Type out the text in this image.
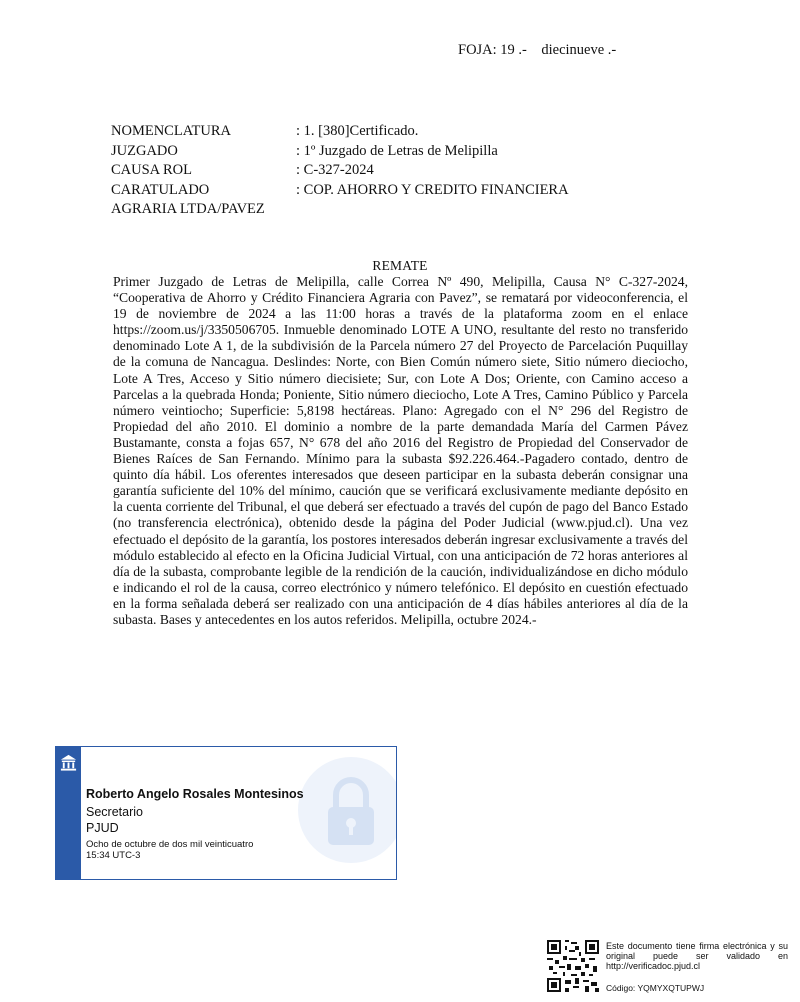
FOJA: 19 .-    diecinueve .-
NOMENCLATURA	: 1. [380]Certificado.
JUZGADO	: 1º Juzgado de Letras de Melipilla
CAUSA ROL	: C-327-2024
CARATULADO	: COP. AHORRO Y CREDITO FINANCIERA
AGRARIA LTDA/PAVEZ
REMATE
Primer Juzgado de Letras de Melipilla, calle Correa Nº 490, Melipilla, Causa N° C-327-2024, “Cooperativa de Ahorro y Crédito Financiera Agraria con Pavez”, se rematará por videoconferencia, el 19 de noviembre de 2024 a las 11:00 horas a través de la plataforma zoom en el enlace https://zoom.us/j/3350506705. Inmueble denominado LOTE A UNO, resultante del resto no transferido denominado Lote A 1, de la subdivisión de la Parcela número 27 del Proyecto de Parcelación Puquillay de la comuna de Nancagua. Deslindes: Norte, con Bien Común número siete, Sitio número dieciocho, Lote A Tres, Acceso y Sitio número diecisiete; Sur, con Lote A Dos; Oriente, con Camino acceso a Parcelas a la quebrada Honda; Poniente, Sitio número dieciocho, Lote A Tres, Camino Público y Parcela número veintiocho; Superficie: 5,8198 hectáreas. Plano: Agregado con el N° 296 del Registro de Propiedad del año 2010. El dominio a nombre de la parte demandada María del Carmen Pávez Bustamante, consta a fojas 657, N° 678 del año 2016 del Registro de Propiedad del Conservador de Bienes Raíces de San Fernando. Mínimo para la subasta $92.226.464.-Pagadero contado, dentro de quinto día hábil. Los oferentes interesados que deseen participar en la subasta deberán consignar una garantía suficiente del 10% del mínimo, caución que se verificará exclusivamente mediante depósito en la cuenta corriente del Tribunal, el que deberá ser efectuado a través del cupón de pago del Banco Estado (no transferencia electrónica), obtenido desde la página del Poder Judicial (www.pjud.cl). Una vez efectuado el depósito de la garantía, los postores interesados deberán ingresar exclusivamente a través del módulo establecido al efecto en la Oficina Judicial Virtual, con una anticipación de 72 horas anteriores al día de la subasta, comprobante legible de la rendición de la caución, individualizándose en dicho módulo e indicando el rol de la causa, correo electrónico y número telefónico. El depósito en cuestión efectuado en la forma señalada deberá ser realizado con una anticipación de 4 días hábiles anteriores al día de la subasta. Bases y antecedentes en los autos referidos. Melipilla, octubre 2024.-
Roberto Angelo Rosales Montesinos
Secretario
PJUD
Ocho de octubre de dos mil veinticuatro
15:34 UTC-3
Este documento tiene firma electrónica y su original puede ser validado en http://verificadoc.pjud.cl
Código: YQMYXQTUPWJ
